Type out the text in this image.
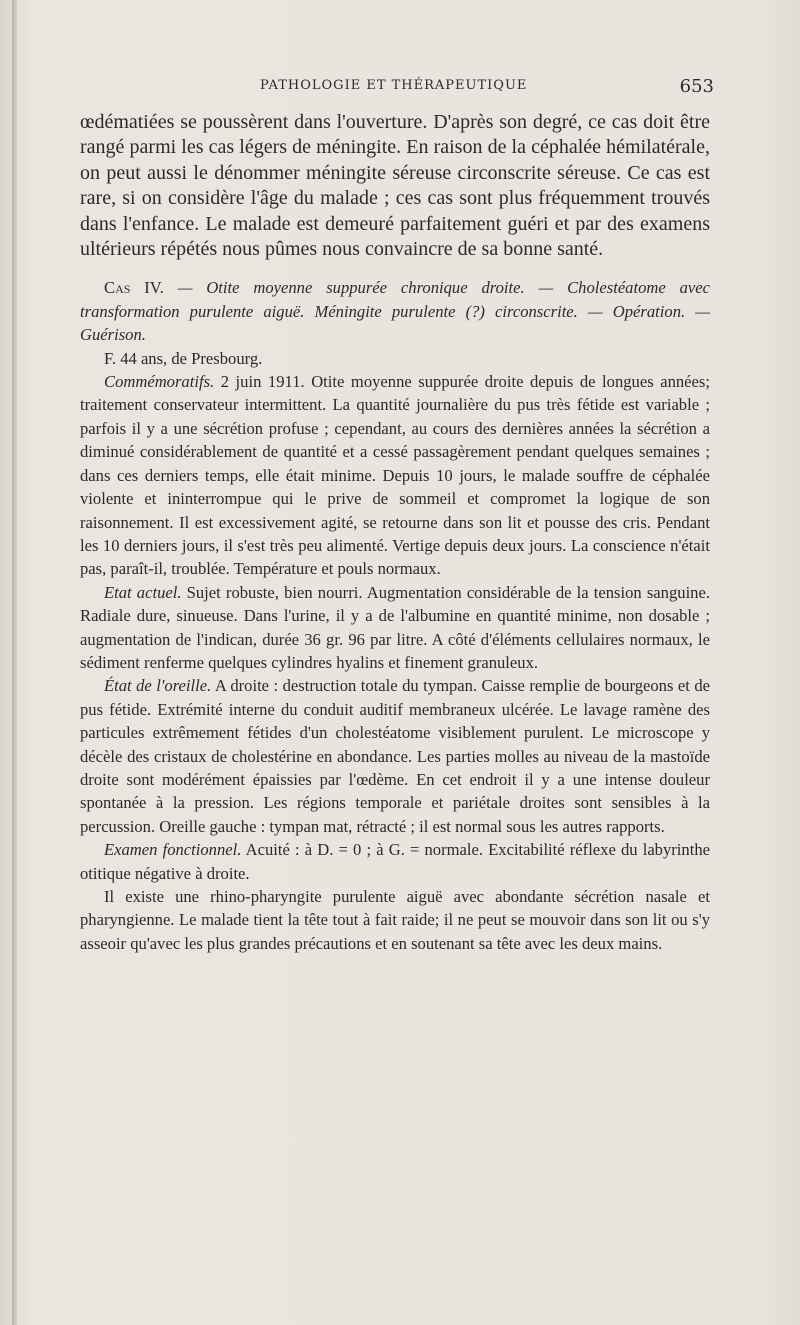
PATHOLOGIE ET THÉRAPEUTIQUE	653

œdématiées se poussèrent dans l'ouverture. D'après son degré, ce cas doit être rangé parmi les cas légers de méningite. En raison de la céphalée hémilatérale, on peut aussi le dénommer méningite séreuse circonscrite séreuse. Ce cas est rare, si on considère l'âge du malade ; ces cas sont plus fréquemment trouvés dans l'enfance. Le malade est demeuré parfaitement guéri et par des examens ultérieurs répétés nous pûmes nous convaincre de sa bonne santé.

Cas IV. — Otite moyenne suppurée chronique droite. — Cholestéatome avec transformation purulente aiguë. Méningite purulente (?) circonscrite. — Opération. — Guérison.

F. 44 ans, de Presbourg.

Commémoratifs. 2 juin 1911. Otite moyenne suppurée droite depuis de longues années; traitement conservateur intermittent. La quantité journalière du pus très fétide est variable ; parfois il y a une sécrétion profuse ; cependant, au cours des dernières années la sécrétion a diminué considérablement de quantité et a cessé passagèrement pendant quelques semaines ; dans ces derniers temps, elle était minime. Depuis 10 jours, le malade souffre de céphalée violente et ininterrompue qui le prive de sommeil et compromet la logique de son raisonnement. Il est excessivement agité, se retourne dans son lit et pousse des cris. Pendant les 10 derniers jours, il s'est très peu alimenté. Vertige depuis deux jours. La conscience n'était pas, paraît-il, troublée. Température et pouls normaux.

Etat actuel. Sujet robuste, bien nourri. Augmentation considérable de la tension sanguine. Radiale dure, sinueuse. Dans l'urine, il y a de l'albumine en quantité minime, non dosable ; augmentation de l'indican, durée 36 gr. 96 par litre. A côté d'éléments cellulaires normaux, le sédiment renferme quelques cylindres hyalins et finement granuleux.

État de l'oreille. A droite : destruction totale du tympan. Caisse remplie de bourgeons et de pus fétide. Extrémité interne du conduit auditif membraneux ulcérée. Le lavage ramène des particules extrêmement fétides d'un cholestéatome visiblement purulent. Le microscope y décèle des cristaux de cholestérine en abondance. Les parties molles au niveau de la mastoïde droite sont modérément épaissies par l'œdème. En cet endroit il y a une intense douleur spontanée à la pression. Les régions temporale et pariétale droites sont sensibles à la percussion. Oreille gauche : tympan mat, rétracté ; il est normal sous les autres rapports.

Examen fonctionnel. Acuité : à D. = 0 ; à G. = normale. Excitabilité réflexe du labyrinthe otitique négative à droite.

Il existe une rhino-pharyngite purulente aiguë avec abondante sécrétion nasale et pharyngienne. Le malade tient la tête tout à fait raide; il ne peut se mouvoir dans son lit ou s'y asseoir qu'avec les plus grandes précautions et en soutenant sa tête avec les deux mains.
